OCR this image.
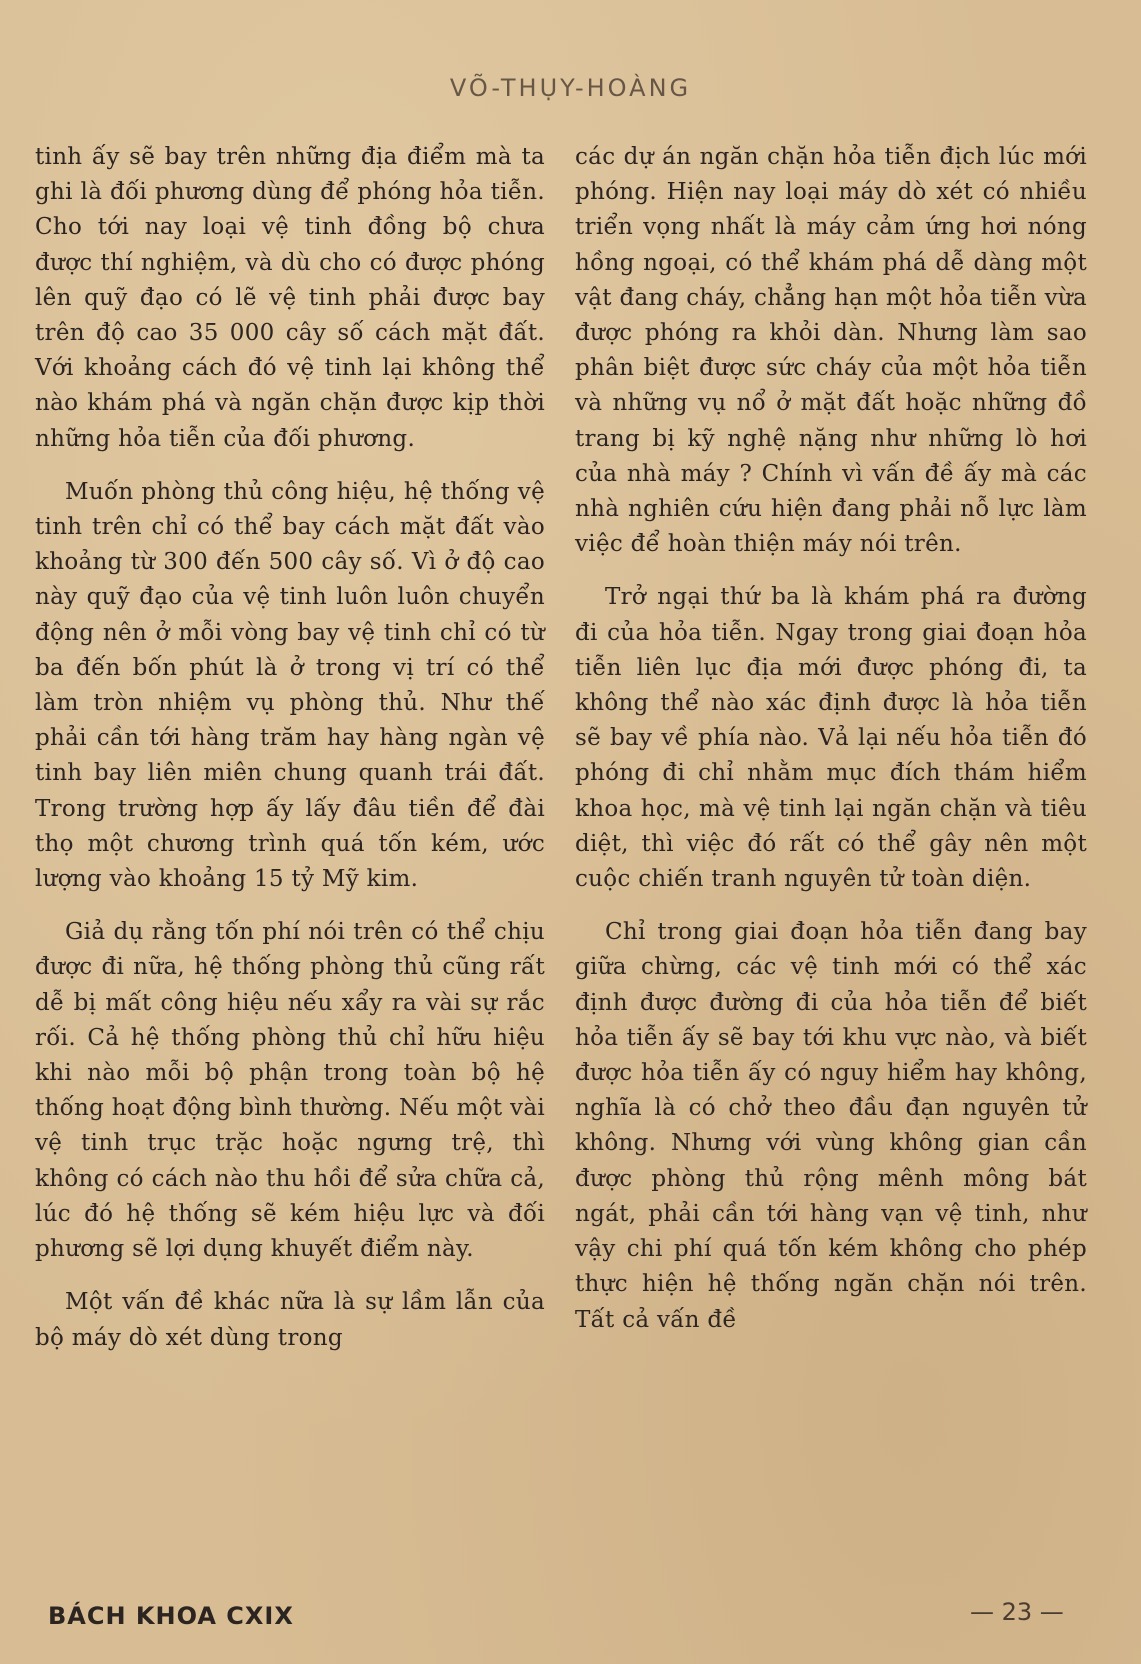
VÕ-THỤY-HOÀNG

tinh ấy sẽ bay trên những địa điểm mà ta ghi là đối phương dùng để phóng hỏa tiễn. Cho tới nay loại vệ tinh đồng bộ chưa được thí nghiệm, và dù cho có được phóng lên quỹ đạo có lẽ vệ tinh phải được bay trên độ cao 35 000 cây số cách mặt đất. Với khoảng cách đó vệ tinh lại không thể nào khám phá và ngăn chặn được kịp thời những hỏa tiễn của đối phương.

Muốn phòng thủ công hiệu, hệ thống vệ tinh trên chỉ có thể bay cách mặt đất vào khoảng từ 300 đến 500 cây số. Vì ở độ cao này quỹ đạo của vệ tinh luôn luôn chuyển động nên ở mỗi vòng bay vệ tinh chỉ có từ ba đến bốn phút là ở trong vị trí có thể làm tròn nhiệm vụ phòng thủ. Như thế phải cần tới hàng trăm hay hàng ngàn vệ tinh bay liên miên chung quanh trái đất. Trong trường hợp ấy lấy đâu tiền để đài thọ một chương trình quá tốn kém, ước lượng vào khoảng 15 tỷ Mỹ kim.

Giả dụ rằng tốn phí nói trên có thể chịu được đi nữa, hệ thống phòng thủ cũng rất dễ bị mất công hiệu nếu xẩy ra vài sự rắc rối. Cả hệ thống phòng thủ chỉ hữu hiệu khi nào mỗi bộ phận trong toàn bộ hệ thống hoạt động bình thường. Nếu một vài vệ tinh trục trặc hoặc ngưng trệ, thì không có cách nào thu hồi để sửa chữa cả, lúc đó hệ thống sẽ kém hiệu lực và đối phương sẽ lợi dụng khuyết điểm này.

Một vấn đề khác nữa là sự lầm lẫn của bộ máy dò xét dùng trong

các dự án ngăn chặn hỏa tiễn địch lúc mới phóng. Hiện nay loại máy dò xét có nhiều triển vọng nhất là máy cảm ứng hơi nóng hồng ngoại, có thể khám phá dễ dàng một vật đang cháy, chẳng hạn một hỏa tiễn vừa được phóng ra khỏi dàn. Nhưng làm sao phân biệt được sức cháy của một hỏa tiễn và những vụ nổ ở mặt đất hoặc những đồ trang bị kỹ nghệ nặng như những lò hơi của nhà máy ? Chính vì vấn đề ấy mà các nhà nghiên cứu hiện đang phải nỗ lực làm việc để hoàn thiện máy nói trên.

Trở ngại thứ ba là khám phá ra đường đi của hỏa tiễn. Ngay trong giai đoạn hỏa tiễn liên lục địa mới được phóng đi, ta không thể nào xác định được là hỏa tiễn sẽ bay về phía nào. Vả lại nếu hỏa tiễn đó phóng đi chỉ nhằm mục đích thám hiểm khoa học, mà vệ tinh lại ngăn chặn và tiêu diệt, thì việc đó rất có thể gây nên một cuộc chiến tranh nguyên tử toàn diện.

Chỉ trong giai đoạn hỏa tiễn đang bay giữa chừng, các vệ tinh mới có thể xác định được đường đi của hỏa tiễn để biết hỏa tiễn ấy sẽ bay tới khu vực nào, và biết được hỏa tiễn ấy có nguy hiểm hay không, nghĩa là có chở theo đầu đạn nguyên tử không. Nhưng với vùng không gian cần được phòng thủ rộng mênh mông bát ngát, phải cần tới hàng vạn vệ tinh, như vậy chi phí quá tốn kém không cho phép thực hiện hệ thống ngăn chặn nói trên. Tất cả vấn đề

BÁCH KHOA CXIX	— 23 —
